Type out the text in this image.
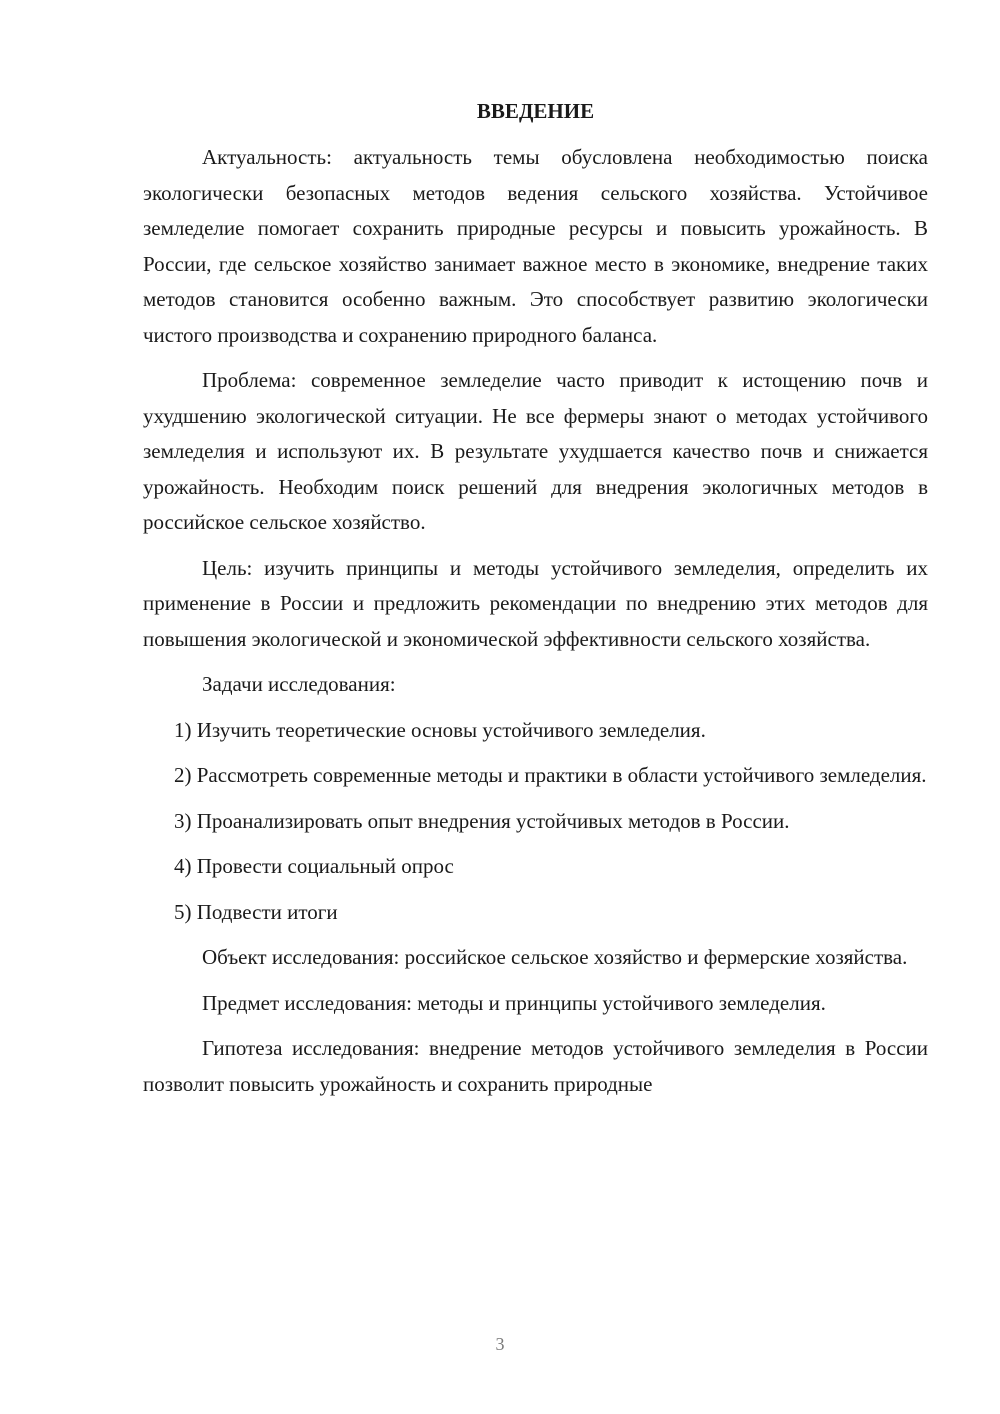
ВВЕДЕНИЕ

Актуальность: актуальность темы обусловлена необходимостью поиска экологически безопасных методов ведения сельского хозяйства. Устойчивое земледелие помогает сохранить природные ресурсы и повысить урожайность. В России, где сельское хозяйство занимает важное место в экономике, внедрение таких методов становится особенно важным. Это способствует развитию экологически чистого производства и сохранению природного баланса.

Проблема: современное земледелие часто приводит к истощению почв и ухудшению экологической ситуации. Не все фермеры знают о методах устойчивого земледелия и используют их. В результате ухудшается качество почв и снижается урожайность. Необходим поиск решений для внедрения экологичных методов в российское сельское хозяйство.

Цель: изучить принципы и методы устойчивого земледелия, определить их применение в России и предложить рекомендации по внедрению этих методов для повышения экологической и экономической эффективности сельского хозяйства.

Задачи исследования:

1) Изучить теоретические основы устойчивого земледелия.

2) Рассмотреть современные методы и практики в области устойчивого земледелия.

3) Проанализировать опыт внедрения устойчивых методов в России.

4) Провести социальный опрос

5) Подвести итоги

Объект исследования: российское сельское хозяйство и фермерские хозяйства.

Предмет исследования: методы и принципы устойчивого земледелия.

Гипотеза исследования: внедрение методов устойчивого земледелия в России позволит повысить урожайность и сохранить природные

3
